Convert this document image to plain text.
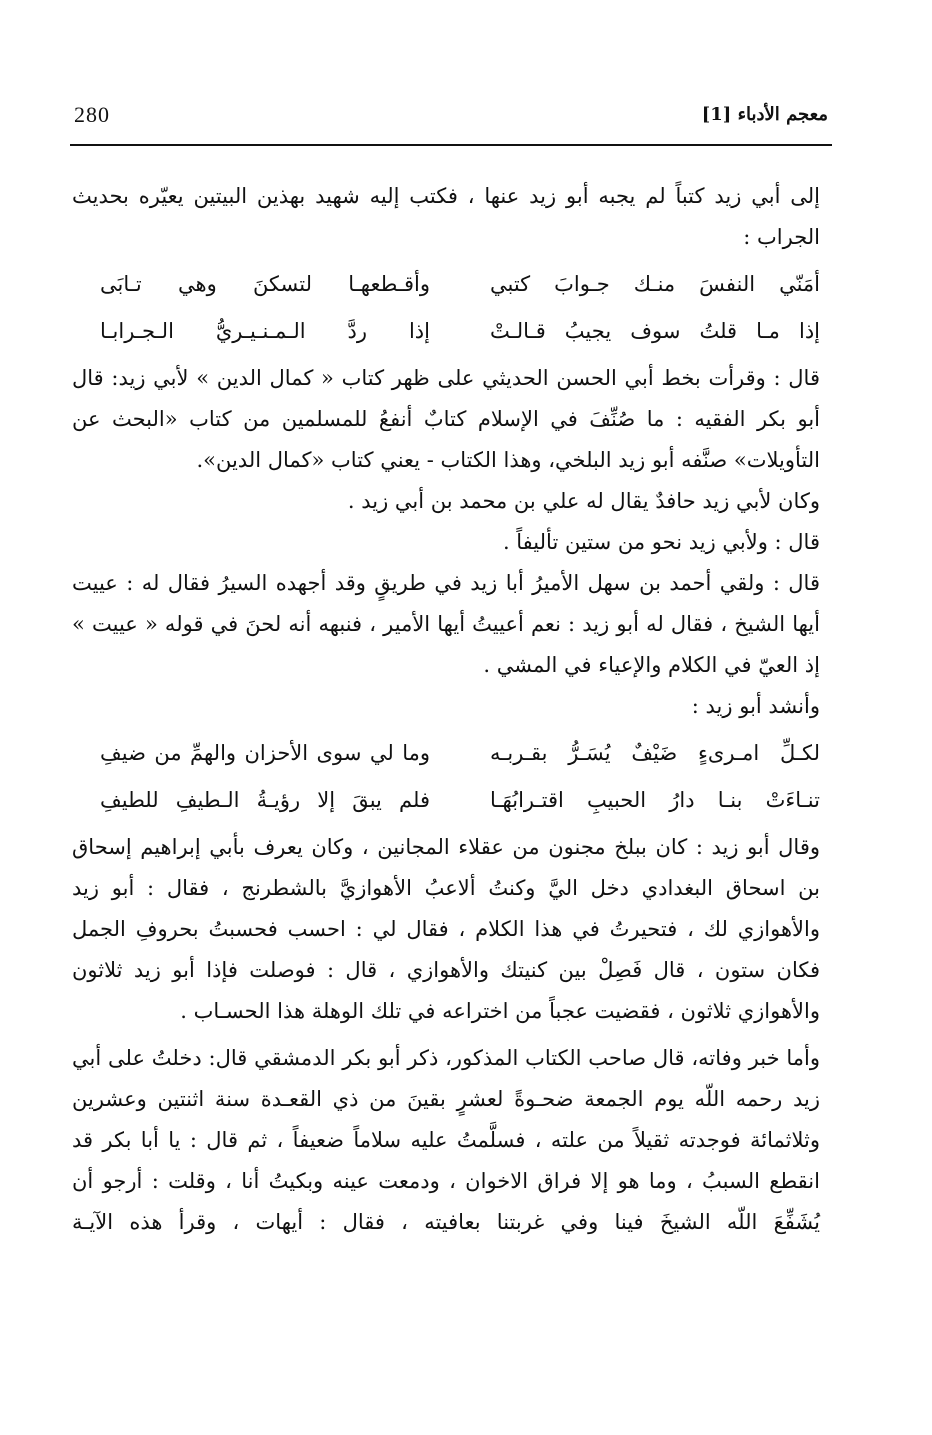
280	معجم الأدباء [1]

إلى أبي زيد كتباً لم يجبه أبو زيد عنها ، فكتب إليه شهيد بهذين البيتين يعيّره بحديث الجراب :

أمَنّي النفسَ منـك جـوابَ كتبي
وأقـطعهـا لتسكنَ وهي تـابَى
إذا مـا قلتُ سوف يجيبُ قـالـتْ
إذا ردَّ الـمـنـيـريُّ الـجـرابـا

قال : وقرأت بخط أبي الحسن الحديثي على ظهر كتاب « كمال الدين » لأبي زيد: قال أبو بكر الفقيه : ما صُنِّفَ في الإسلام كتابٌ أنفعُ للمسلمين من كتاب «البحث عن التأويلات» صنَّفه أبو زيد البلخي، وهذا الكتاب - يعني كتاب «كمال الدين».

وكان لأبي زيد حافدٌ يقال له علي بن محمد بن أبي زيد .

قال : ولأبي زيد نحو من ستين تأليفاً .

قال : ولقي أحمد بن سهل الأميرُ أبا زيد في طريقٍ وقد أجهده السيرُ فقال له : عييت أيها الشيخ ، فقال له أبو زيد : نعم أعييتُ أيها الأمير ، فنبهه أنه لحنَ في قوله « عييت » إذ العيّ في الكلام والإعياء في المشي .

وأنشد أبو زيد :

لكـلِّ امـرىءٍ ضَيْفٌ يُسَـرُّ بقـربـه
وما لي سوى الأحزان والهمِّ من ضيفِ
تنـاءَتْ بنـا دارُ الحبيبِ اقتـرابُهَـا
فلم يبقَ إلا رؤيـةُ الـطيفِ للطيفِ

وقال أبو زيد : كان ببلخ مجنون من عقلاء المجانين ، وكان يعرف بأبي إبراهيم إسحاق بن اسحاق البغدادي دخل اليَّ وكنتُ ألاعبُ الأهوازيَّ بالشطرنج ، فقال : أبو زيد والأهوازي لك ، فتحيرتُ في هذا الكلام ، فقال لي : احسب فحسبتُ بحروفِ الجمل فكان ستون ، قال فَصِلْ بين كنيتك والأهوازي ، قال : فوصلت فإذا أبو زيد ثلاثون والأهوازي ثلاثون ، فقضيت عجباً من اختراعه في تلك الوهلة هذا الحسـاب .

وأما خبر وفاته، قال صاحب الكتاب المذكور، ذكر أبو بكر الدمشقي قال: دخلتُ على أبي زيد رحمه اللّه يوم الجمعة ضحـوةً لعشرٍ بقينَ من ذي القعـدة سنة اثنتين وعشرين وثلاثمائة فوجدته ثقيلاً من علته ، فسلَّمتُ عليه سلاماً ضعيفاً ، ثم قال : يا أبا بكر قد انقطع السببُ ، وما هو إلا فراق الاخوان ، ودمعت عينه وبكيتُ أنا ، وقلت : أرجو أن يُشَفِّعَ اللّه الشيخَ فينا وفي غربتنا بعافيته ، فقال : أيهات ، وقرأ هذه الآيـة
